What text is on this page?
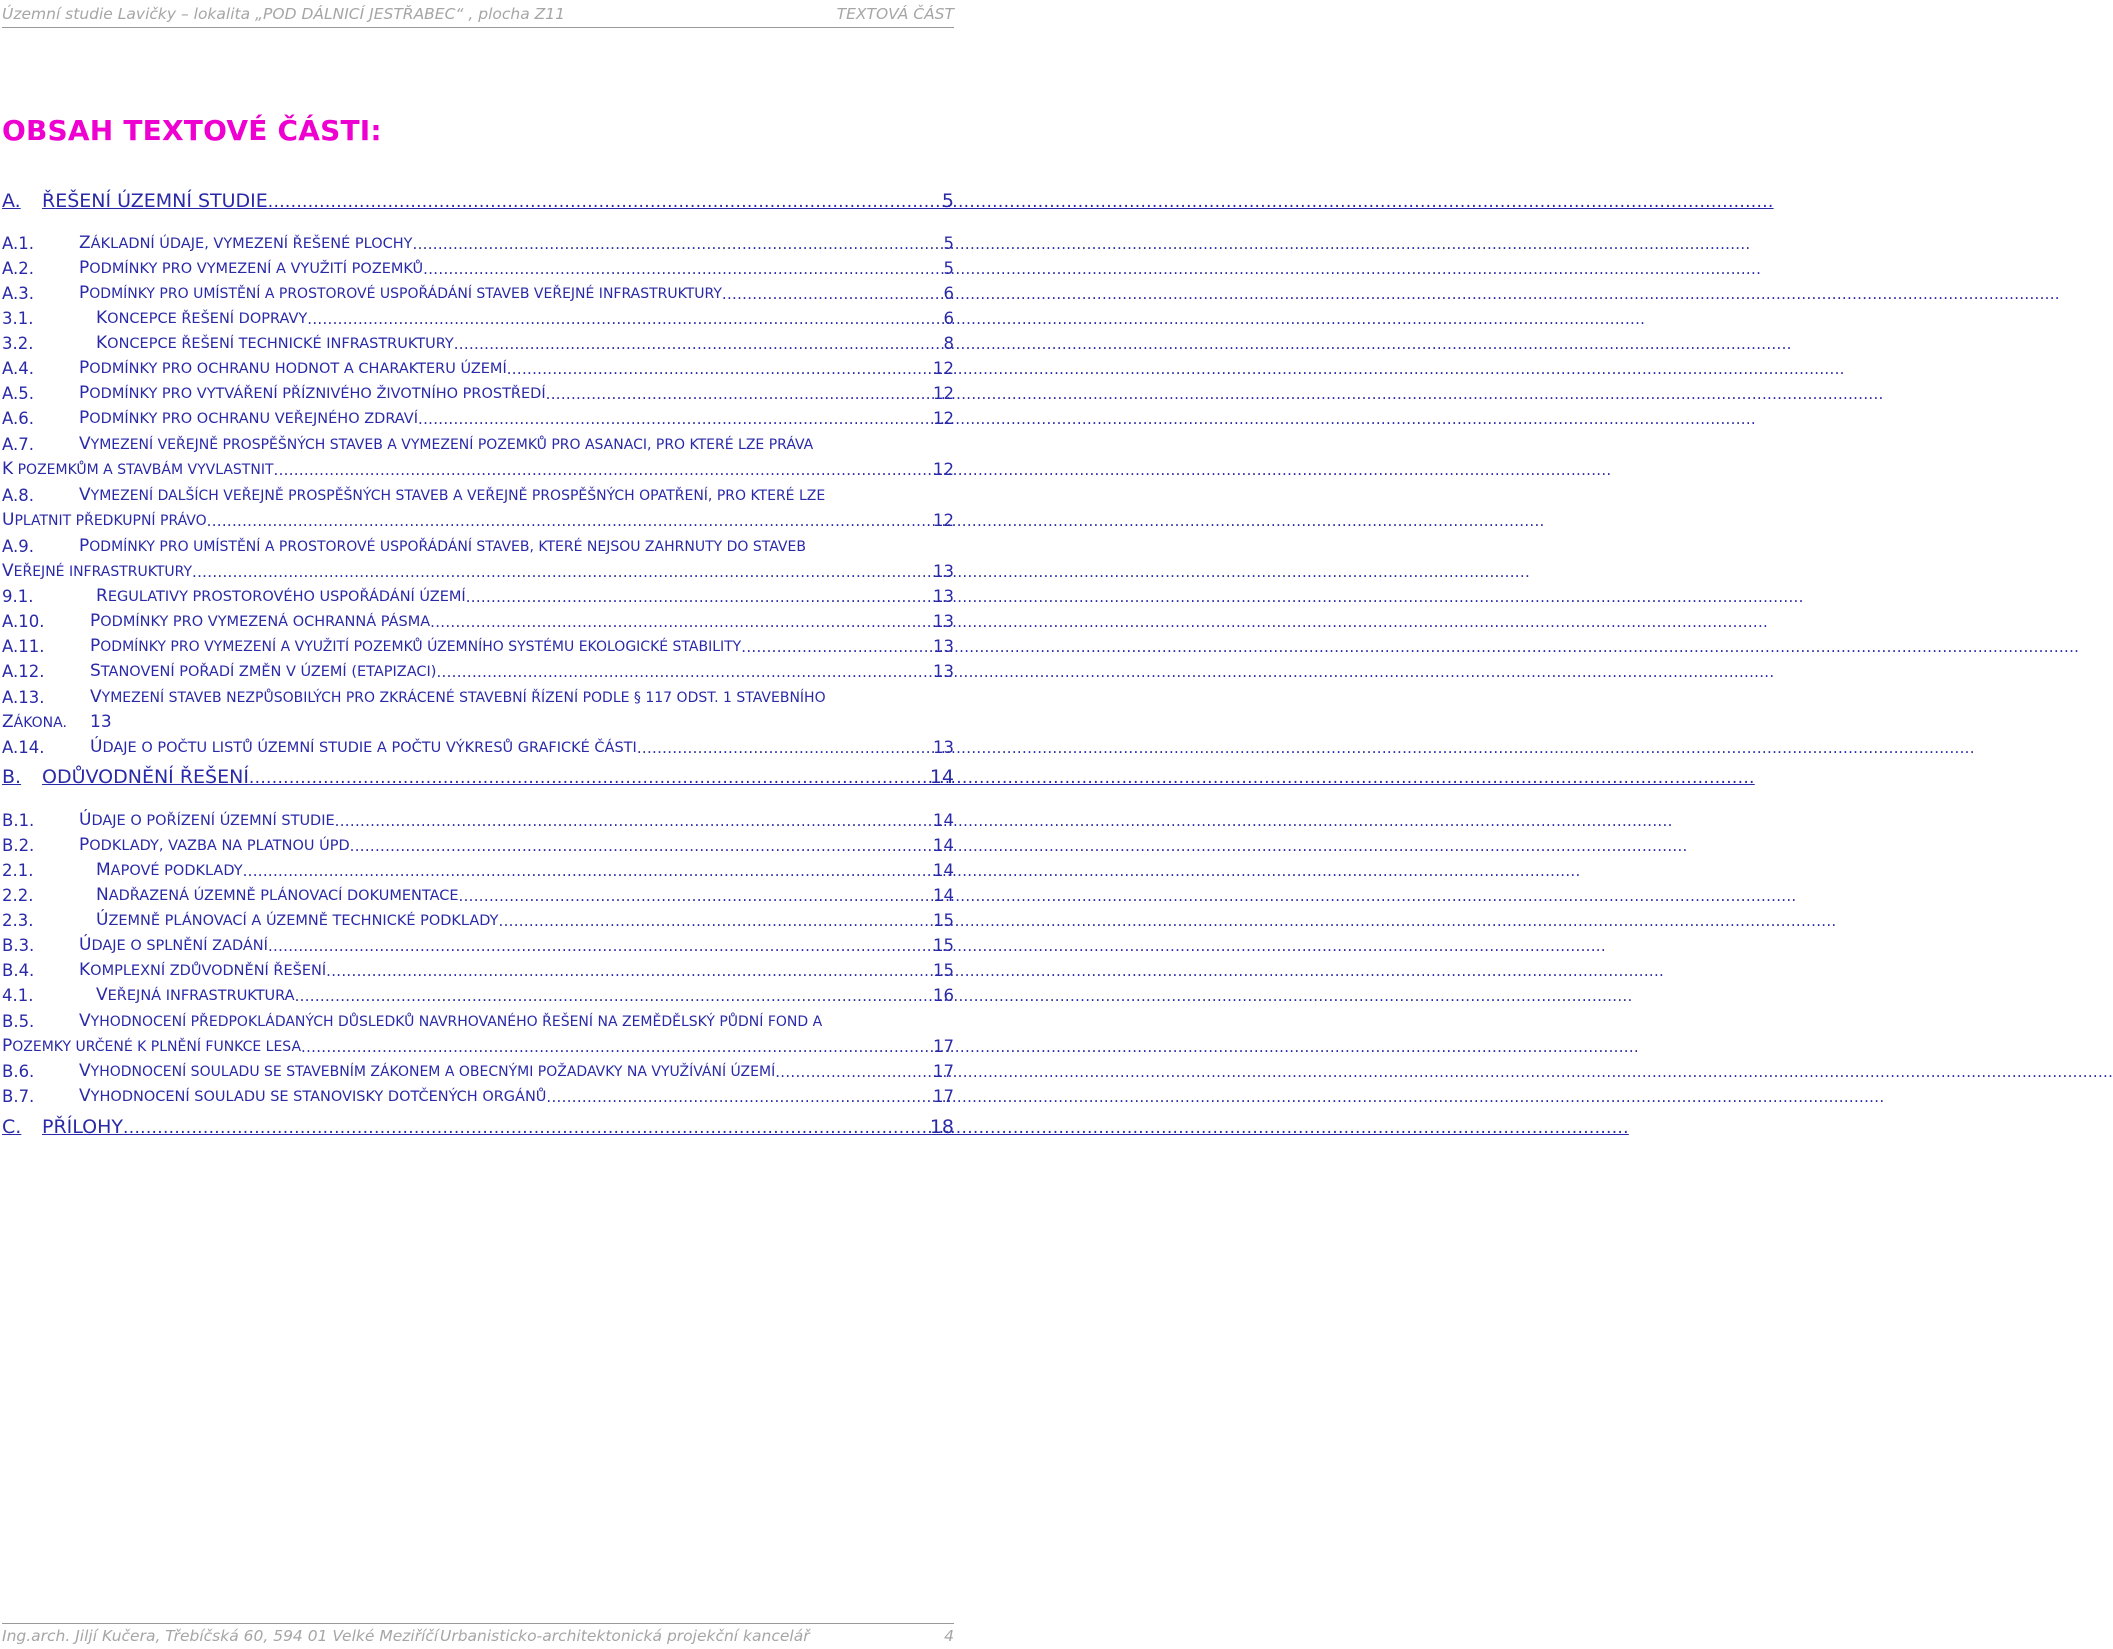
Územní studie Lavičky – lokalita „POD DÁLNICÍ JESTŘABEC“ , plocha Z11	TEXTOVÁ ČÁST
OBSAH TEXTOVÉ ČÁSTI:
A.	ŘEŠENÍ ÚZEMNÍ STUDIE .....	5
A.1.	ZÁKLADNÍ ÚDAJE, VYMEZENÍ ŘEŠENÉ PLOCHY .....	5
A.2.	PODMÍNKY PRO VYMEZENÍ A VYUŽITÍ POZEMKŮ .....	5
A.3.	PODMÍNKY PRO UMÍSTĚNÍ A PROSTOROVÉ USPOŘÁDÁNÍ STAVEB VEŘEJNÉ INFRASTRUKTURY .....	6
3.1.	KONCEPCE ŘEŠENÍ DOPRAVY .....	6
3.2.	KONCEPCE ŘEŠENÍ TECHNICKÉ INFRASTRUKTURY .....	8
A.4.	PODMÍNKY PRO OCHRANU HODNOT A CHARAKTERU ÚZEMÍ .....	12
A.5.	PODMÍNKY PRO VYTVÁŘENÍ PŘÍZNIVÉHO ŽIVOTNÍHO PROSTŘEDÍ .....	12
A.6.	PODMÍNKY PRO OCHRANU VEŘEJNÉHO ZDRAVÍ .....	12
A.7.	VYMEZENÍ VEŘEJNĚ PROSPĚŠNÝCH STAVEB A VYMEZENÍ POZEMKŮ PRO ASANACI, PRO KTERÉ LZE PRÁVA
K POZEMKŮM A STAVBÁM VYVLASTNIT .....	12
A.8.	VYMEZENÍ DALŠÍCH VEŘEJNĚ PROSPĚŠNÝCH STAVEB A VEŘEJNĚ PROSPĚŠNÝCH OPATŘENÍ, PRO KTERÉ LZE
UPLATNIT PŘEDKUPNÍ PRÁVO .....	12
A.9.	PODMÍNKY PRO UMÍSTĚNÍ A PROSTOROVÉ USPOŘÁDÁNÍ STAVEB, KTERÉ NEJSOU ZAHRNUTY DO STAVEB
VEŘEJNÉ INFRASTRUKTURY .....	13
9.1.	REGULATIVY PROSTOROVÉHO USPOŘÁDÁNÍ ÚZEMÍ .....	13
A.10.	PODMÍNKY PRO VYMEZENÁ OCHRANNÁ PÁSMA .....	13
A.11.	PODMÍNKY PRO VYMEZENÍ A VYUŽITÍ POZEMKŮ ÚZEMNÍHO SYSTÉMU EKOLOGICKÉ STABILITY .....	13
A.12.	STANOVENÍ POŘADÍ ZMĚN V ÚZEMÍ (ETAPIZACI) .....	13
A.13.	VYMEZENÍ STAVEB NEZPŮSOBILÝCH PRO ZKRÁCENÉ STAVEBNÍ ŘÍZENÍ PODLE § 117 ODST. 1 STAVEBNÍHO
ZÁKONA.	13
A.14.	ÚDAJE O POČTU LISTŮ ÚZEMNÍ STUDIE A POČTU VÝKRESŮ GRAFICKÉ ČÁSTI .....	13
B.	ODŮVODNĚNÍ ŘEŠENÍ .....	14
B.1.	ÚDAJE O POŘÍZENÍ ÚZEMNÍ STUDIE .....	14
B.2.	PODKLADY, VAZBA NA PLATNOU ÚPD .....	14
2.1.	MAPOVÉ PODKLADY .....	14
2.2.	NADŘAZENÁ ÚZEMNĚ PLÁNOVACÍ DOKUMENTACE .....	14
2.3.	ÚZEMNĚ PLÁNOVACÍ A ÚZEMNĚ TECHNICKÉ PODKLADY .....	15
B.3.	ÚDAJE O SPLNĚNÍ ZADÁNÍ .....	15
B.4.	KOMPLEXNÍ ZDŮVODNĚNÍ ŘEŠENÍ .....	15
4.1.	VEŘEJNÁ INFRASTRUKTURA .....	16
B.5.	VYHODNOCENÍ PŘEDPOKLÁDANÝCH DŮSLEDKŮ NAVRHOVANÉHO ŘEŠENÍ NA ZEMĚDĚLSKÝ PŮDNÍ FOND A
POZEMKY URČENÉ K PLNĚNÍ FUNKCE LESA .....	17
B.6.	VYHODNOCENÍ SOULADU SE STAVEBNÍM ZÁKONEM A OBECNÝMI POŽADAVKY NA VYUŽÍVÁNÍ ÚZEMÍ .....	17
B.7.	VYHODNOCENÍ SOULADU SE STANOVISKY DOTČENÝCH ORGÁNŮ .....	17
C.	PŘÍLOHY .....	18
Ing.arch. Jiljí Kučera, Třebíčská 60, 594 01 Velké Meziříčí Urbanisticko-architektonická projekční kancelář	4
